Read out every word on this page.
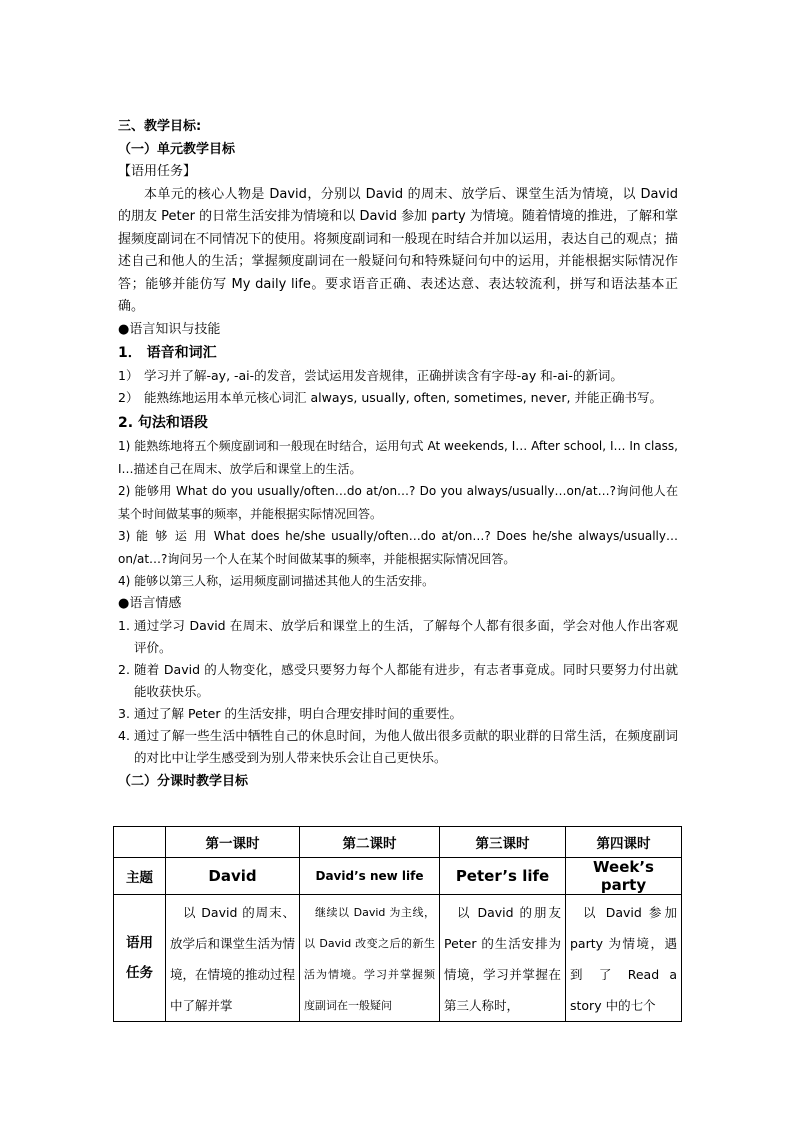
三、教学目标:
（一）单元教学目标
【语用任务】
本单元的核心人物是 David，分别以 David 的周末、放学后、课堂生活为情境，以 David 的朋友 Peter 的日常生活安排为情境和以 David 参加 party 为情境。随着情境的推进，了解和掌握频度副词在不同情况下的使用。将频度副词和一般现在时结合并加以运用，表达自己的观点；描述自己和他人的生活；掌握频度副词在一般疑问句和特殊疑问句中的运用，并能根据实际情况作答；能够并能仿写 My daily life。要求语音正确、表述达意、表达较流利，拼写和语法基本正确。
●语言知识与技能
1． 语音和词汇
1） 学习并了解-ay, -ai-的发音，尝试运用发音规律，正确拼读含有字母-ay 和-ai-的新词。
2） 能熟练地运用本单元核心词汇 always, usually, often, sometimes, never, 并能正确书写。
2. 句法和语段
1) 能熟练地将五个频度副词和一般现在时结合，运用句式 At weekends, I… After school, I… In class, I…描述自己在周末、放学后和课堂上的生活。
2) 能够用 What do you usually/often…do at/on…? Do you always/usually…on/at…?询问他人在某个时间做某事的频率，并能根据实际情况回答。
3) 能 够 运 用 What does he/she usually/often…do at/on…? Does he/she always/usually…on/at…?询问另一个人在某个时间做某事的频率，并能根据实际情况回答。
4) 能够以第三人称，运用频度副词描述其他人的生活安排。
●语言情感
1. 通过学习 David 在周末、放学后和课堂上的生活，了解每个人都有很多面，学会对他人作出客观评价。
2. 随着 David 的人物变化，感受只要努力每个人都能有进步，有志者事竟成。同时只要努力付出就能收获快乐。
3. 通过了解 Peter 的生活安排，明白合理安排时间的重要性。
4. 通过了解一些生活中牺牲自己的休息时间，为他人做出很多贡献的职业群的日常生活，在频度副词的对比中让学生感受到为别人带来快乐会让自己更快乐。
（二）分课时教学目标
	第一课时	第二课时	第三课时	第四课时
主题	David	David’s new life	Peter’s life	Week’s party
语用任务	以 David 的周末、放学后和课堂生活为情境，在情境的推动过程中了解并掌	继续以 David 为主线，以 David 改变之后的新生活为情境。学习并掌握频度副词在一般疑问	以 David 的朋友 Peter 的生活安排为情境，学习并掌握在第三人称时，	以 David 参加 party 为情境，遇到 了 Read a story 中的七个
